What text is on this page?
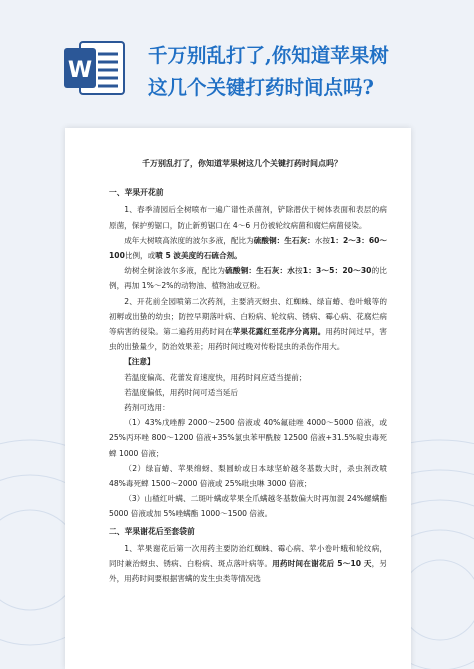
W
千万别乱打了,你知道苹果树
这几个关键打药时间点吗?
千万别乱打了，你知道苹果树这几个关键打药时间点吗？
一、苹果开花前
1、春季清园后全树喷布一遍广谱性杀菌剂，铲除潜伏于树体表面和表层的病原菌，保护剪锯口，防止新剪锯口在 4～6 月份被轮纹病菌和腐烂病菌侵染。
成年大树喷高浓度的波尔多液，配比为硫酸铜：生石灰：水按1：2～3：60～100比例，或喷 5 波美度的石硫合剂。
幼树全树涂波尔多液，配比为硫酸铜：生石灰：水按1：3～5：20～30的比例，再加 1%～2%的动物油、植物油或豆粉。
2、开花前全园喷第二次药剂，主要消灭蚜虫、红蜘蛛、绿盲蝽、卷叶蛾等的初孵或出蛰的幼虫；防控早期落叶病、白粉病、轮纹病、锈病、霉心病、花腐烂病等病害的侵染。第二遍药用药时间在苹果花露红至花序分离期。用药时间过早，害虫的出蛰量少，防治效果差；用药时间过晚对传粉昆虫的杀伤作用大。
【注意】
若温度偏高、花蕾发育速度快，用药时间应适当提前；
若温度偏低，用药时间可适当延后
药剂可选用：
（1）43%戊唑醇 2000～2500 倍液或 40%氟硅唑 4000～5000 倍液，或 25%丙环唑 800～1200 倍液+35%氯虫苯甲酰胺 12500 倍液+31.5%啶虫毒死蜱 1000 倍液；
（2）绿盲蝽、苹果绵蚜、梨圆蚧或日本球坚蚧越冬基数大时，杀虫剂改喷 48%毒死蜱 1500～2000 倍液或 25%吡虫啉 3000 倍液；
（3）山楂红叶螨、二斑叶螨或苹果全爪螨越冬基数偏大时再加混 24%螺螨酯 5000 倍液或加 5%唑螨酯 1000～1500 倍液。
二、苹果谢花后至套袋前
1、苹果谢花后第一次用药主要防治红蜘蛛、霉心病、苹小卷叶蛾和轮纹病，同时兼治蚜虫、锈病、白粉病、斑点落叶病等。用药时间在谢花后 5～10 天，另外，用药时间要根据害螨的发生虫类等情况选
